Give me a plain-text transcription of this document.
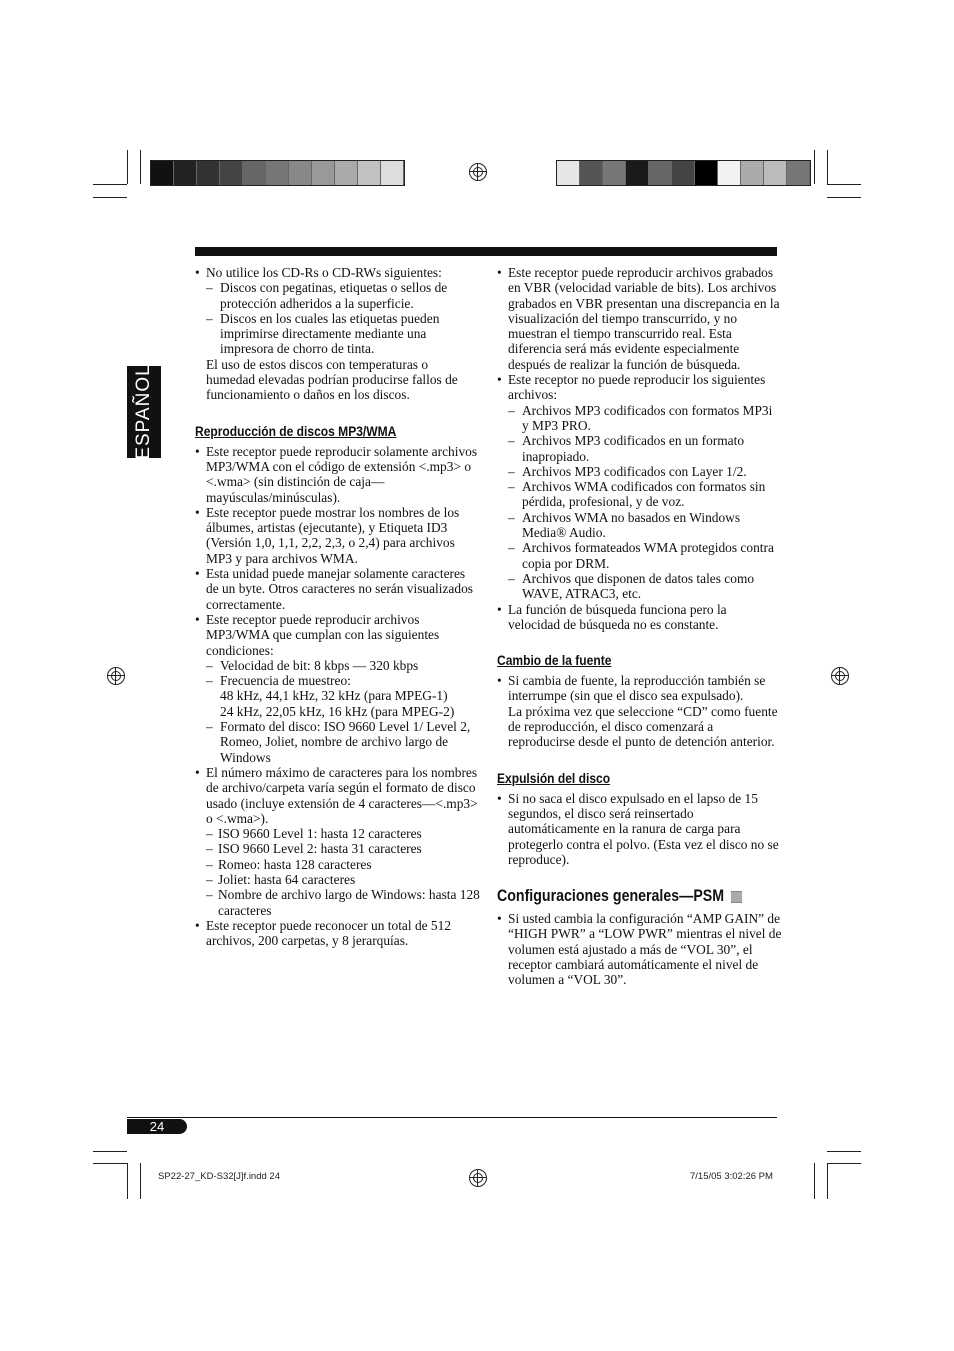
ESPAÑOL
• No utilice los CD-Rs o CD-RWs siguientes:
– Discos con pegatinas, etiquetas o sellos de protección adheridos a la superficie.
– Discos en los cuales las etiquetas pueden imprimirse directamente mediante una impresora de chorro de tinta.
El uso de estos discos con temperaturas o humedad elevadas podrían producirse fallos de funcionamiento o daños en los discos.
Reproducción de discos MP3/WMA
• Este receptor puede reproducir solamente archivos MP3/WMA con el código de extensión <.mp3> o <.wma> (sin distinción de caja—mayúsculas/minúsculas).
• Este receptor puede mostrar los nombres de los álbumes, artistas (ejecutante), y Etiqueta ID3 (Versión 1,0, 1,1, 2,2, 2,3, o 2,4) para archivos MP3 y para archivos WMA.
• Esta unidad puede manejar solamente caracteres de un byte. Otros caracteres no serán visualizados correctamente.
• Este receptor puede reproducir archivos MP3/WMA que cumplan con las siguientes condiciones:
– Velocidad de bit: 8 kbps — 320 kbps
– Frecuencia de muestreo:
48 kHz, 44,1 kHz, 32 kHz (para MPEG-1)
24 kHz, 22,05 kHz, 16 kHz (para MPEG-2)
– Formato del disco: ISO 9660 Level 1/ Level 2, Romeo, Joliet, nombre de archivo largo de Windows
• El número máximo de caracteres para los nombres de archivo/carpeta varía según el formato de disco usado (incluye extensión de 4 caracteres—<.mp3> o <.wma>).
– ISO 9660 Level 1: hasta 12 caracteres
– ISO 9660 Level 2: hasta 31 caracteres
– Romeo: hasta 128 caracteres
– Joliet: hasta 64 caracteres
– Nombre de archivo largo de Windows: hasta 128 caracteres
• Este receptor puede reconocer un total de 512 archivos, 200 carpetas, y 8 jerarquías.
• Este receptor puede reproducir archivos grabados en VBR (velocidad variable de bits). Los archivos grabados en VBR presentan una discrepancia en la visualización del tiempo transcurrido, y no muestran el tiempo transcurrido real. Esta diferencia será más evidente especialmente después de realizar la función de búsqueda.
• Este receptor no puede reproducir los siguientes archivos:
– Archivos MP3 codificados con formatos MP3i y MP3 PRO.
– Archivos MP3 codificados en un formato inapropiado.
– Archivos MP3 codificados con Layer 1/2.
– Archivos WMA codificados con formatos sin pérdida, profesional, y de voz.
– Archivos WMA no basados en Windows Media® Audio.
– Archivos formateados WMA protegidos contra copia por DRM.
– Archivos que disponen de datos tales como WAVE, ATRAC3, etc.
• La función de búsqueda funciona pero la velocidad de búsqueda no es constante.
Cambio de la fuente
• Si cambia de fuente, la reproducción también se interrumpe (sin que el disco sea expulsado).
La próxima vez que seleccione “CD” como fuente de reproducción, el disco comenzará a reproducirse desde el punto de detención anterior.
Expulsión del disco
• Si no saca el disco expulsado en el lapso de 15 segundos, el disco será reinsertado automáticamente en la ranura de carga para protegerlo contra el polvo. (Esta vez el disco no se reproduce).
Configuraciones generales—PSM
• Si usted cambia la configuración “AMP GAIN” de “HIGH PWR” a “LOW PWR” mientras el nivel de volumen está ajustado a más de “VOL 30”, el receptor cambiará automáticamente el nivel de volumen a “VOL 30”.
24
SP22-27_KD-S32[J]f.indd 24	7/15/05 3:02:26 PM
